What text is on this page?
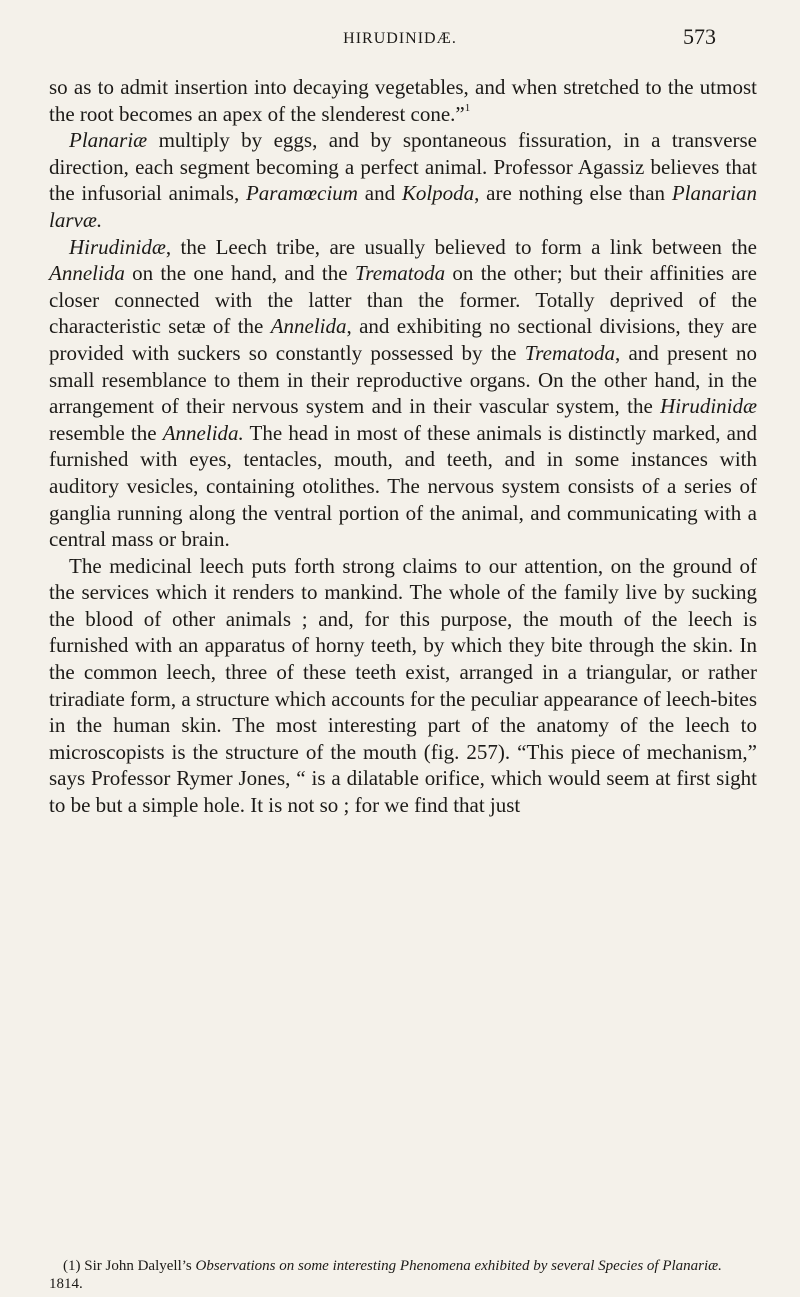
HIRUDINIDÆ.	573

so as to admit insertion into decaying vegetables, and when stretched to the utmost the root becomes an apex of the slenderest cone.”$^1$

Planariæ multiply by eggs, and by spontaneous fissuration, in a transverse direction, each segment becoming a perfect animal. Professor Agassiz believes that the infusorial animals, Paramœcium and Kolpoda, are nothing else than Planarian larvæ.

Hirudinidæ, the Leech tribe, are usually believed to form a link between the Annelida on the one hand, and the Trematoda on the other; but their affinities are closer connected with the latter than the former. Totally deprived of the characteristic setæ of the Annelida, and exhibiting no sectional divisions, they are provided with suckers so constantly possessed by the Trematoda, and present no small resemblance to them in their reproductive organs. On the other hand, in the arrangement of their nervous system and in their vascular system, the Hirudinidæ resemble the Annelida. The head in most of these animals is distinctly marked, and furnished with eyes, tentacles, mouth, and teeth, and in some instances with auditory vesicles, containing otolithes. The nervous system consists of a series of ganglia running along the ventral portion of the animal, and communicating with a central mass or brain.

The medicinal leech puts forth strong claims to our attention, on the ground of the services which it renders to mankind. The whole of the family live by sucking the blood of other animals ; and, for this purpose, the mouth of the leech is furnished with an apparatus of horny teeth, by which they bite through the skin. In the common leech, three of these teeth exist, arranged in a triangular, or rather triradiate form, a structure which accounts for the peculiar appearance of leech-bites in the human skin. The most interesting part of the anatomy of the leech to microscopists is the structure of the mouth (fig. 257). “This piece of mechanism,” says Professor Rymer Jones, “ is a dilatable orifice, which would seem at first sight to be but a simple hole. It is not so ; for we find that just

(1) Sir John Dalyell’s Observations on some interesting Phenomena exhibited by several Species of Planariæ. 1814.
